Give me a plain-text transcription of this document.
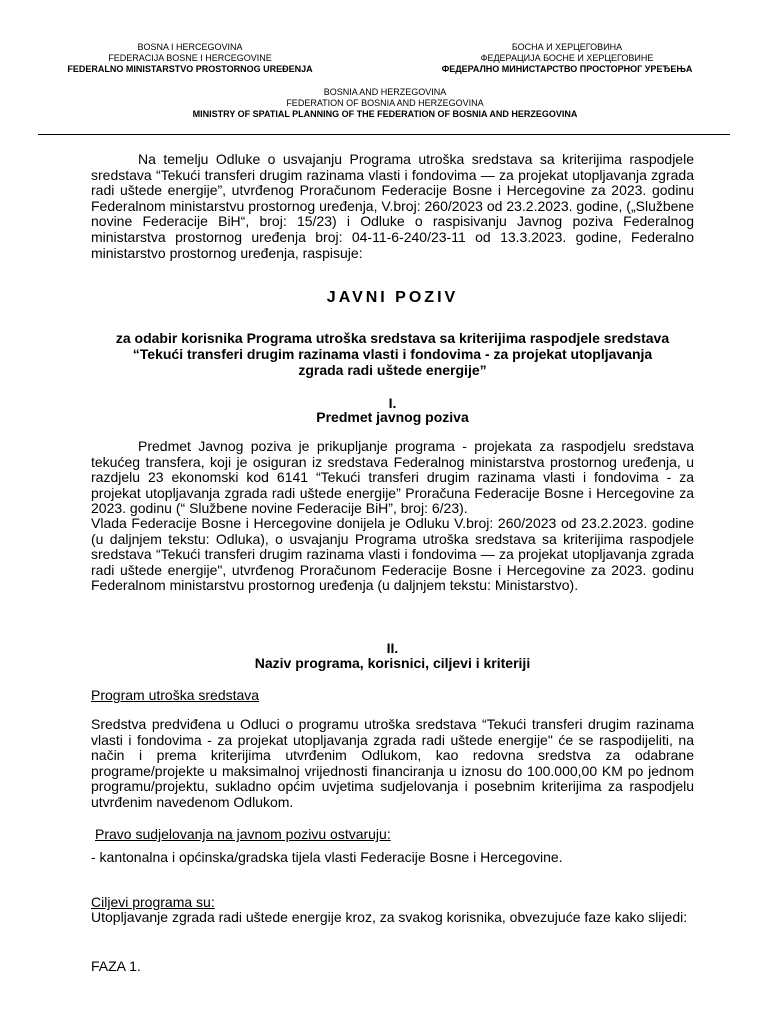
BOSNA I HERCEGOVINA
FEDERACIJA BOSNE I HERCEGOVINE
FEDERALNO MINISTARSTVO PROSTORNOG UREĐENJA
БОСНА И ХЕРЦЕГОВИНА
ФЕДЕРАЦИЈА БОСНЕ И ХЕРЦЕГОВИНЕ
ФЕДЕРАЛНО МИНИСТАРСТВО ПРОСТОРНОГ УРЕЂЕЊА
BOSNIA AND HERZEGOVINA
FEDERATION OF BOSNIA AND HERZEGOVINA
MINISTRY OF SPATIAL PLANNING OF THE FEDERATION OF BOSNIA AND HERZEGOVINA
Na temelju Odluke o usvajanju Programa utroška sredstava sa kriterijima raspodjele sredstava “Tekući transferi drugim razinama vlasti i fondovima — za projekat utopljavanja zgrada radi uštede energije”, utvrđenog Proračunom Federacije Bosne i Hercegovine za 2023. godinu Federalnom ministarstvu prostornog uređenja, V.broj: 260/2023 od 23.2.2023. godine, („Službene novine Federacije BiH“, broj: 15/23) i Odluke o raspisivanju Javnog poziva Federalnog ministarstva prostornog uređenja broj: 04-11-6-240/23-11 od 13.3.2023. godine, Federalno ministarstvo prostornog uređenja, raspisuje:
JAVNI POZIV
za odabir korisnika Programa utroška sredstava sa kriterijima raspodjele sredstava “Tekući transferi drugim razinama vlasti i fondovima - za projekat utopljavanja zgrada radi uštede energije”
I.
Predmet javnog poziva
Predmet Javnog poziva je prikupljanje programa - projekata za raspodjelu sredstava tekućeg transfera, koji je osiguran iz sredstava Federalnog ministarstva prostornog uređenja, u razdjelu 23 ekonomski kod 6141 “Tekući transferi drugim razinama vlasti i fondovima - za projekat utopljavanja zgrada radi uštede energije” Proračuna Federacije Bosne i Hercegovine za 2023. godinu (“ Službene novine Federacije BiH”, broj: 6/23).
Vlada Federacije Bosne i Hercegovine donijela je Odluku V.broj: 260/2023 od 23.2.2023. godine (u daljnjem tekstu: Odluka), o usvajanju Programa utroška sredstava sa kriterijima raspodjele sredstava “Tekući transferi drugim razinama vlasti i fondovima — za projekat utopljavanja zgrada radi uštede energije", utvrđenog Proračunom Federacije Bosne i Hercegovine za 2023. godinu Federalnom ministarstvu prostornog uređenja (u daljnjem tekstu: Ministarstvo).
II.
Naziv programa, korisnici, ciljevi i kriteriji
Program utroška sredstava
Sredstva predviđena u Odluci o programu utroška sredstava “Tekući transferi drugim razinama vlasti i fondovima - za projekat utopljavanja zgrada radi uštede energije" će se raspodijeliti, na način i prema kriterijima utvrđenim Odlukom, kao redovna sredstva za odabrane programe/projekte u maksimalnoj vrijednosti financiranja u iznosu do 100.000,00 KM po jednom programu/projektu, sukladno općim uvjetima sudjelovanja i posebnim kriterijima za raspodjelu utvrđenim navedenom Odlukom.
Pravo sudjelovanja na javnom pozivu ostvaruju:
- kantonalna i općinska/gradska tijela vlasti Federacije Bosne i Hercegovine.
Ciljevi programa su:
Utopljavanje zgrada radi uštede energije kroz, za svakog korisnika, obvezujuće faze kako slijedi:
FAZA 1.
